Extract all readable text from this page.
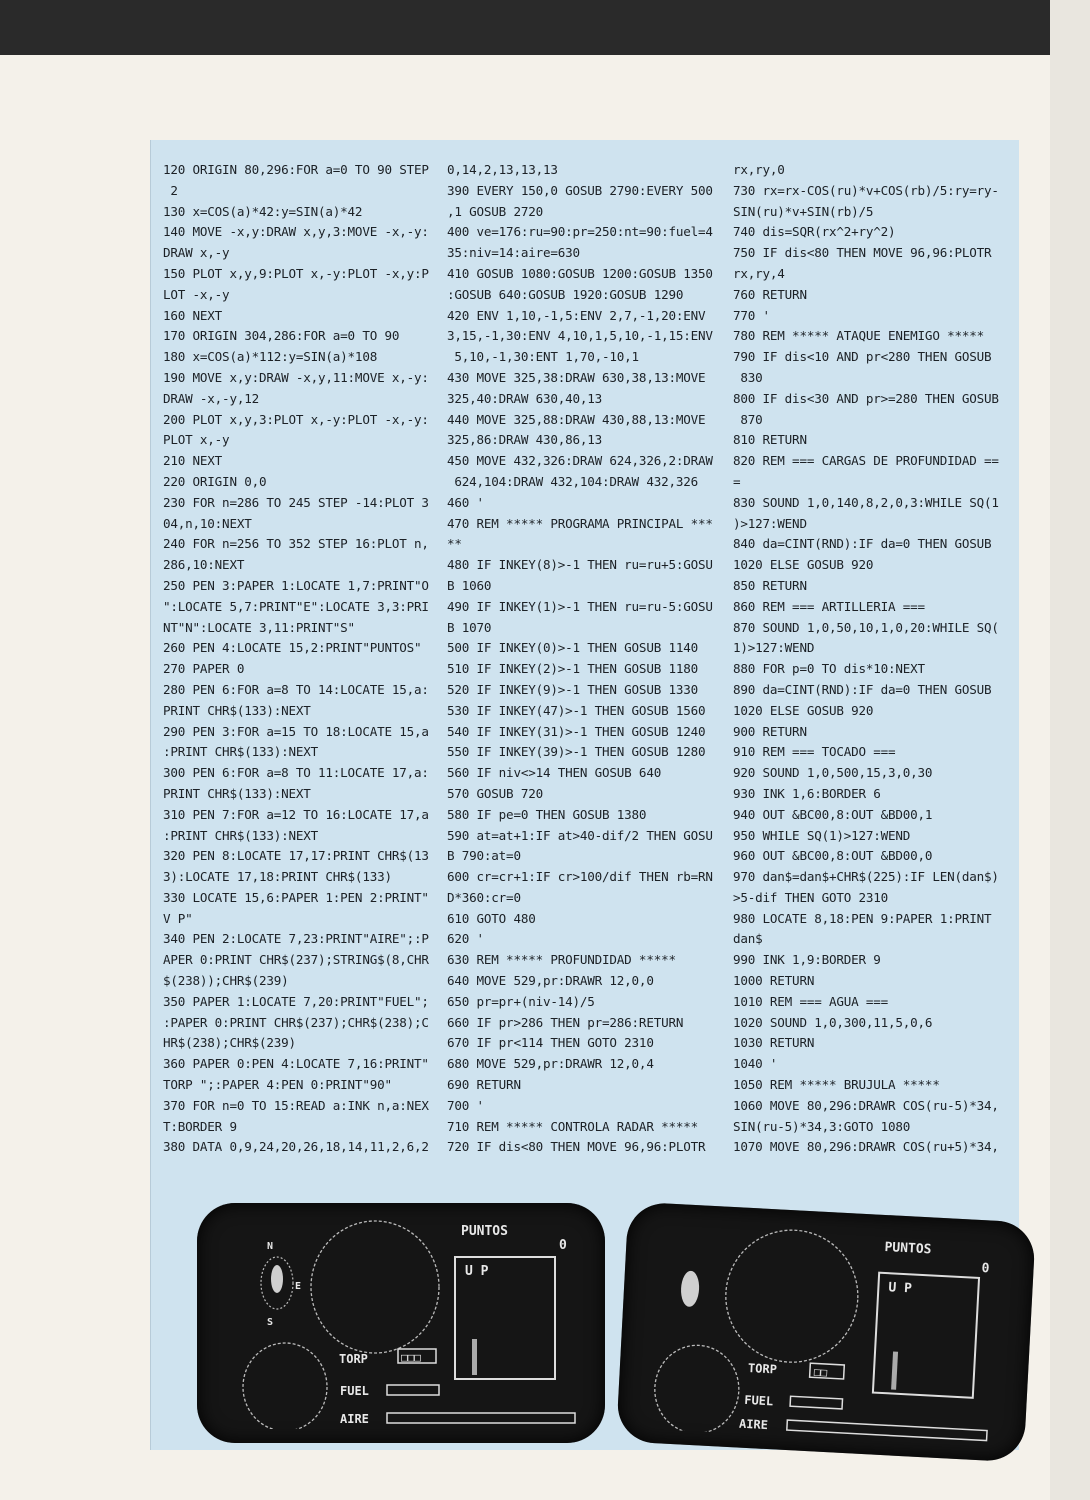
120 ORIGIN 80,296:FOR a=0 TO 90 STEP
2
130 x=COS(a)*42:y=SIN(a)*42
140 MOVE -x,y:DRAW x,y,3:MOVE -x,-y:
DRAW x,-y
150 PLOT x,y,9:PLOT x,-y:PLOT -x,y:P
LOT -x,-y
160 NEXT
170 ORIGIN 304,286:FOR a=0 TO 90
180 x=COS(a)*112:y=SIN(a)*108
190 MOVE x,y:DRAW -x,y,11:MOVE x,-y:
DRAW -x,-y,12
200 PLOT x,y,3:PLOT x,-y:PLOT -x,-y:
PLOT x,-y
210 NEXT
220 ORIGIN 0,0
230 FOR n=286 TO 245 STEP -14:PLOT 3
04,n,10:NEXT
240 FOR n=256 TO 352 STEP 16:PLOT n,
286,10:NEXT
250 PEN 3:PAPER 1:LOCATE 1,7:PRINT"O
":LOCATE 5,7:PRINT"E":LOCATE 3,3:PRI
NT"N":LOCATE 3,11:PRINT"S"
260 PEN 4:LOCATE 15,2:PRINT"PUNTOS"
270 PAPER 0
280 PEN 6:FOR a=8 TO 14:LOCATE 15,a:
PRINT CHR$(133):NEXT
290 PEN 3:FOR a=15 TO 18:LOCATE 15,a
:PRINT CHR$(133):NEXT
300 PEN 6:FOR a=8 TO 11:LOCATE 17,a:
PRINT CHR$(133):NEXT
310 PEN 7:FOR a=12 TO 16:LOCATE 17,a
:PRINT CHR$(133):NEXT
320 PEN 8:LOCATE 17,17:PRINT CHR$(13
3):LOCATE 17,18:PRINT CHR$(133)
330 LOCATE 15,6:PAPER 1:PEN 2:PRINT"
V P"
340 PEN 2:LOCATE 7,23:PRINT"AIRE";:P
APER 0:PRINT CHR$(237);STRING$(8,CHR
$(238));CHR$(239)
350 PAPER 1:LOCATE 7,20:PRINT"FUEL";
:PAPER 0:PRINT CHR$(237);CHR$(238);C
HR$(238);CHR$(239)
360 PAPER 0:PEN 4:LOCATE 7,16:PRINT"
TORP ";:PAPER 4:PEN 0:PRINT"90"
370 FOR n=0 TO 15:READ a:INK n,a:NEX
T:BORDER 9
380 DATA 0,9,24,20,26,18,14,11,2,6,2
0,14,2,13,13,13
390 EVERY 150,0 GOSUB 2790:EVERY 500
,1 GOSUB 2720
400 ve=176:ru=90:pr=250:nt=90:fuel=4
35:niv=14:aire=630
410 GOSUB 1080:GOSUB 1200:GOSUB 1350
:GOSUB 640:GOSUB 1920:GOSUB 1290
420 ENV 1,10,-1,5:ENV 2,7,-1,20:ENV
3,15,-1,30:ENV 4,10,1,5,10,-1,15:ENV
5,10,-1,30:ENT 1,70,-10,1
430 MOVE 325,38:DRAW 630,38,13:MOVE
325,40:DRAW 630,40,13
440 MOVE 325,88:DRAW 430,88,13:MOVE
325,86:DRAW 430,86,13
450 MOVE 432,326:DRAW 624,326,2:DRAW
624,104:DRAW 432,104:DRAW 432,326
460 '
470 REM ***** PROGRAMA PRINCIPAL ***
**
480 IF INKEY(8)>-1 THEN ru=ru+5:GOSU
B 1060
490 IF INKEY(1)>-1 THEN ru=ru-5:GOSU
B 1070
500 IF INKEY(0)>-1 THEN GOSUB 1140
510 IF INKEY(2)>-1 THEN GOSUB 1180
520 IF INKEY(9)>-1 THEN GOSUB 1330
530 IF INKEY(47)>-1 THEN GOSUB 1560
540 IF INKEY(31)>-1 THEN GOSUB 1240
550 IF INKEY(39)>-1 THEN GOSUB 1280
560 IF niv<>14 THEN GOSUB 640
570 GOSUB 720
580 IF pe=0 THEN GOSUB 1380
590 at=at+1:IF at>40-dif/2 THEN GOSU
B 790:at=0
600 cr=cr+1:IF cr>100/dif THEN rb=RN
D*360:cr=0
610 GOTO 480
620 '
630 REM ***** PROFUNDIDAD *****
640 MOVE 529,pr:DRAWR 12,0,0
650 pr=pr+(niv-14)/5
660 IF pr>286 THEN pr=286:RETURN
670 IF pr<114 THEN GOTO 2310
680 MOVE 529,pr:DRAWR 12,0,4
690 RETURN
700 '
710 REM ***** CONTROLA RADAR *****
720 IF dis<80 THEN MOVE 96,96:PLOTR
rx,ry,0
730 rx=rx-COS(ru)*v+COS(rb)/5:ry=ry-
SIN(ru)*v+SIN(rb)/5
740 dis=SQR(rx^2+ry^2)
750 IF dis<80 THEN MOVE 96,96:PLOTR
rx,ry,4
760 RETURN
770 '
780 REM ***** ATAQUE ENEMIGO *****
790 IF dis<10 AND pr<280 THEN GOSUB
830
800 IF dis<30 AND pr>=280 THEN GOSUB
870
810 RETURN
820 REM === CARGAS DE PROFUNDIDAD ==
=
830 SOUND 1,0,140,8,2,0,3:WHILE SQ(1
)>127:WEND
840 da=CINT(RND):IF da=0 THEN GOSUB
1020 ELSE GOSUB 920
850 RETURN
860 REM === ARTILLERIA ===
870 SOUND 1,0,50,10,1,0,20:WHILE SQ(
1)>127:WEND
880 FOR p=0 TO dis*10:NEXT
890 da=CINT(RND):IF da=0 THEN GOSUB
1020 ELSE GOSUB 920
900 RETURN
910 REM === TOCADO ===
920 SOUND 1,0,500,15,3,0,30
930 INK 1,6:BORDER 6
940 OUT &BC00,8:OUT &BD00,1
950 WHILE SQ(1)>127:WEND
960 OUT &BC00,8:OUT &BD00,0
970 dan$=dan$+CHR$(225):IF LEN(dan$)
>5-dif THEN GOTO 2310
980 LOCATE 8,18:PEN 9:PAPER 1:PRINT
dan$
990 INK 1,9:BORDER 9
1000 RETURN
1010 REM === AGUA ===
1020 SOUND 1,0,300,11,5,0,6
1030 RETURN
1040 '
1050 REM ***** BRUJULA *****
1060 MOVE 80,296:DRAWR COS(ru-5)*34,
SIN(ru-5)*34,3:GOTO 1080
1070 MOVE 80,296:DRAWR COS(ru+5)*34,
N
E
S
PUNTOS
0
U P
TORP	□□□
FUEL
AIRE
PUNTOS
0
U P
TORP	□□
FUEL
AIRE
